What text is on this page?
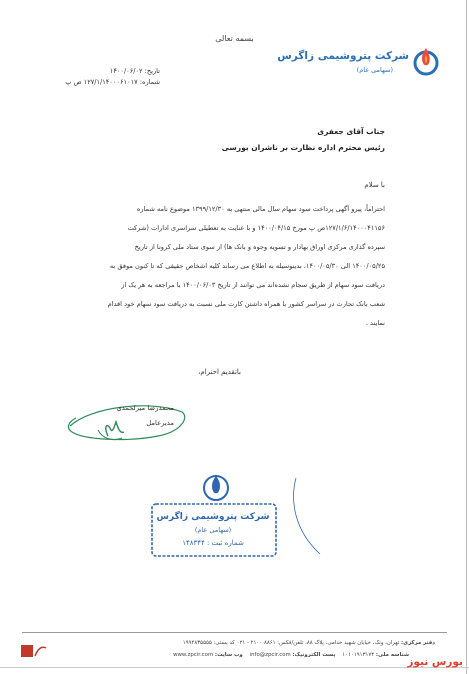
بسمه تعالی
شرکت پتروشیمی زاگرس
(سهامی عام)
تاریخ: ۱۴۰۰/۰۶/۰۲
شماره: ۱۲۷/۱/۱۴۰۰۰۶۱۰۱۷ ص پ
جناب آقای جعفری
رئیس محترم اداره نظارت بر ناشران بورسی
با سلام
احتراماً، پیرو آگهی پرداخت سود سهام سال مالی منتهی به ۱۳۹۹/۱۲/۳۰ موضوع نامه شماره
۱۲۷/۱/۶/۱۴۰۰۰۴۱۱۵۶ص پ مورخ ۱۴۰۰/۰۴/۱۵ و با عنایت به تعطیلی سراسری ادارات (شرکت
سپرده گذاری مرکزی اوراق بهادار و تسویه وجوه و بانک ها) از سوی ستاد ملی کرونا از تاریخ
۱۴۰۰/۰۵/۲۵ الی ۱۴۰۰/۰۵/۳۰، بدینوسیله به اطلاع می رساند کلیه اشخاص حقیقی که تا کنون موفق به
دریافت سود سهام از طریق سجام نشده‌اند می توانند از تاریخ ۱۴۰۰/۰۶/۰۳ با مراجعه به هر یک از
شعب بانک تجارت در سراسر کشور با همراه داشتن کارت ملی نسبت به دریافت سود سهام خود اقدام
نمایند .
باتقدیم احترام،
محمدرضا میرلحمدی
مدیرعامل
شرکت پتروشیمی زاگرس
(سهامی عام)
شماره ثبت : ۱۴۸۳۴۴
دفتر مرکزی: تهران، ونک، خیابان شهید خدامی، پلاک ۸۸، تلفن/فکس: ۸۸۶۱ ۲۱۰۰ - ۰۲۱ کد پستی: ۱۹۹۴۸۳۵۵۵۵
شناسه ملی: ۱۰۱۰۱۹۱۳۱۷۴    پست الکترونیک: info@zpcir.com    وب سایت: www.zpcir.com
بورس نیوز
